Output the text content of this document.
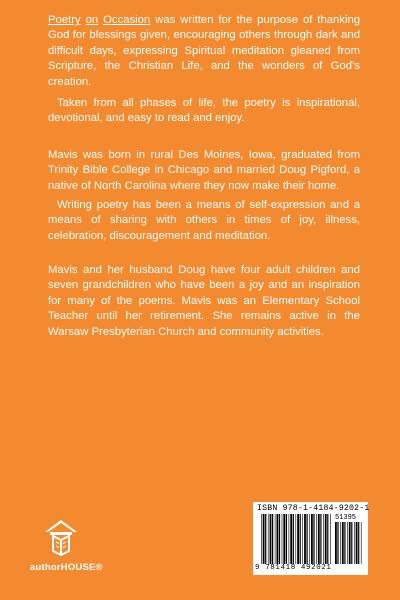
Poetry on Occasion was written for the purpose of thanking God for blessings given, encouraging others through dark and difficult days, expressing Spiritual meditation gleaned from Scripture, the Christian Life, and the wonders of God’s creation.
Taken from all phases of life, the poetry is inspirational, devotional, and easy to read and enjoy.
Mavis was born in rural Des Moines, Iowa, graduated from Trinity Bible College in Chicago and married Doug Pigford, a native of North Carolina where they now make their home.
Writing poetry has been a means of self-expression and a means of sharing with others in times of joy, illness, celebration, discouragement and meditation.
Mavis and her husband Doug have four adult children and seven grandchildren who have been a joy and an inspiration for many of the poems. Mavis was an Elementary School Teacher until her retirement. She remains active in the Warsaw Presbyterian Church and community activities.
ISBN 978-1-4184-9202-1
51395
9 781418 492021
authorHOUSE®
